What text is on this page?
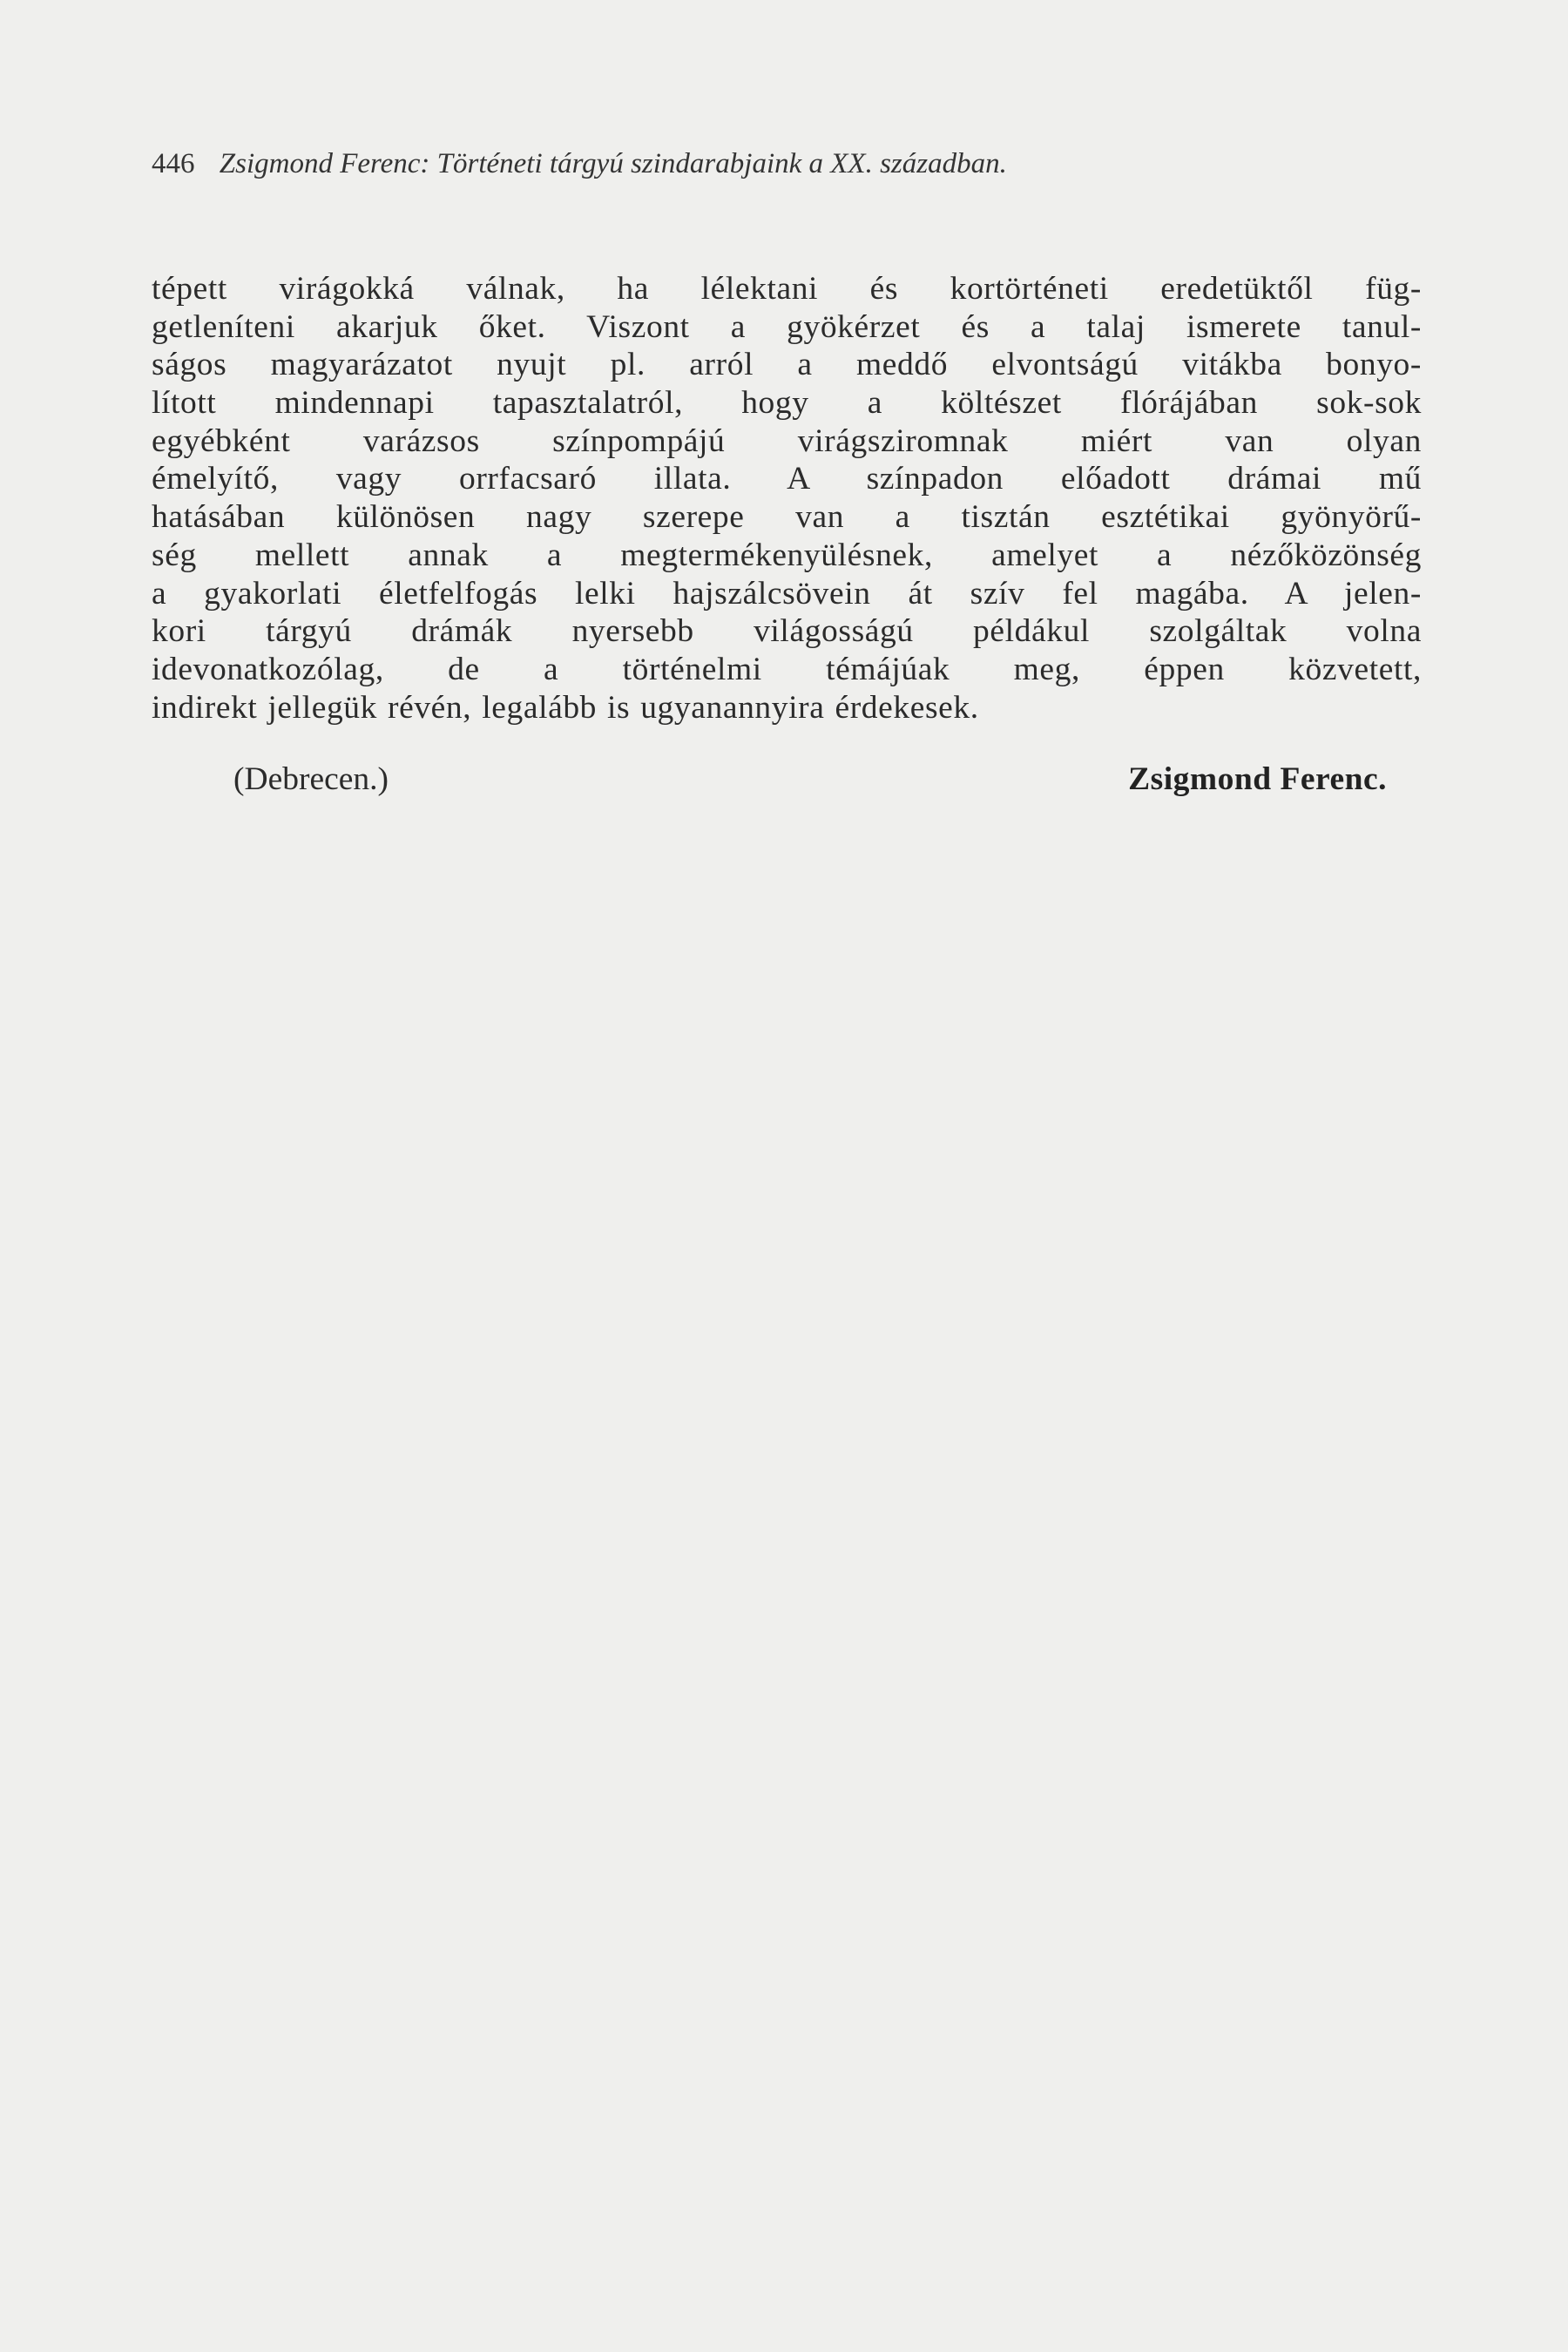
446 Zsigmond Ferenc: Történeti tárgyú szindarabjaink a XX. században.
tépett virágokká válnak, ha lélektani és kortörténeti eredetüktől füg-
getleníteni akarjuk őket. Viszont a gyökérzet és a talaj ismerete tanul-
ságos magyarázatot nyujt pl. arról a meddő elvontságú vitákba bonyo-
lított mindennapi tapasztalatról, hogy a költészet flórájában sok-sok
egyébként varázsos színpompájú virágsziromnak miért van olyan
émelyítő, vagy orrfacsaró illata. A színpadon előadott drámai mű
hatásában különösen nagy szerepe van a tisztán esztétikai gyönyörű-
ség mellett annak a megtermékenyülésnek, amelyet a nézőközönség
a gyakorlati életfelfogás lelki hajszálcsövein át szív fel magába. A jelen-
kori tárgyú drámák nyersebb világosságú példákul szolgáltak volna
idevonatkozólag, de a történelmi témájúak meg, éppen közvetett,
indirekt jellegük révén, legalább is ugyanannyira érdekesek.
(Debrecen.)	Zsigmond Ferenc.
